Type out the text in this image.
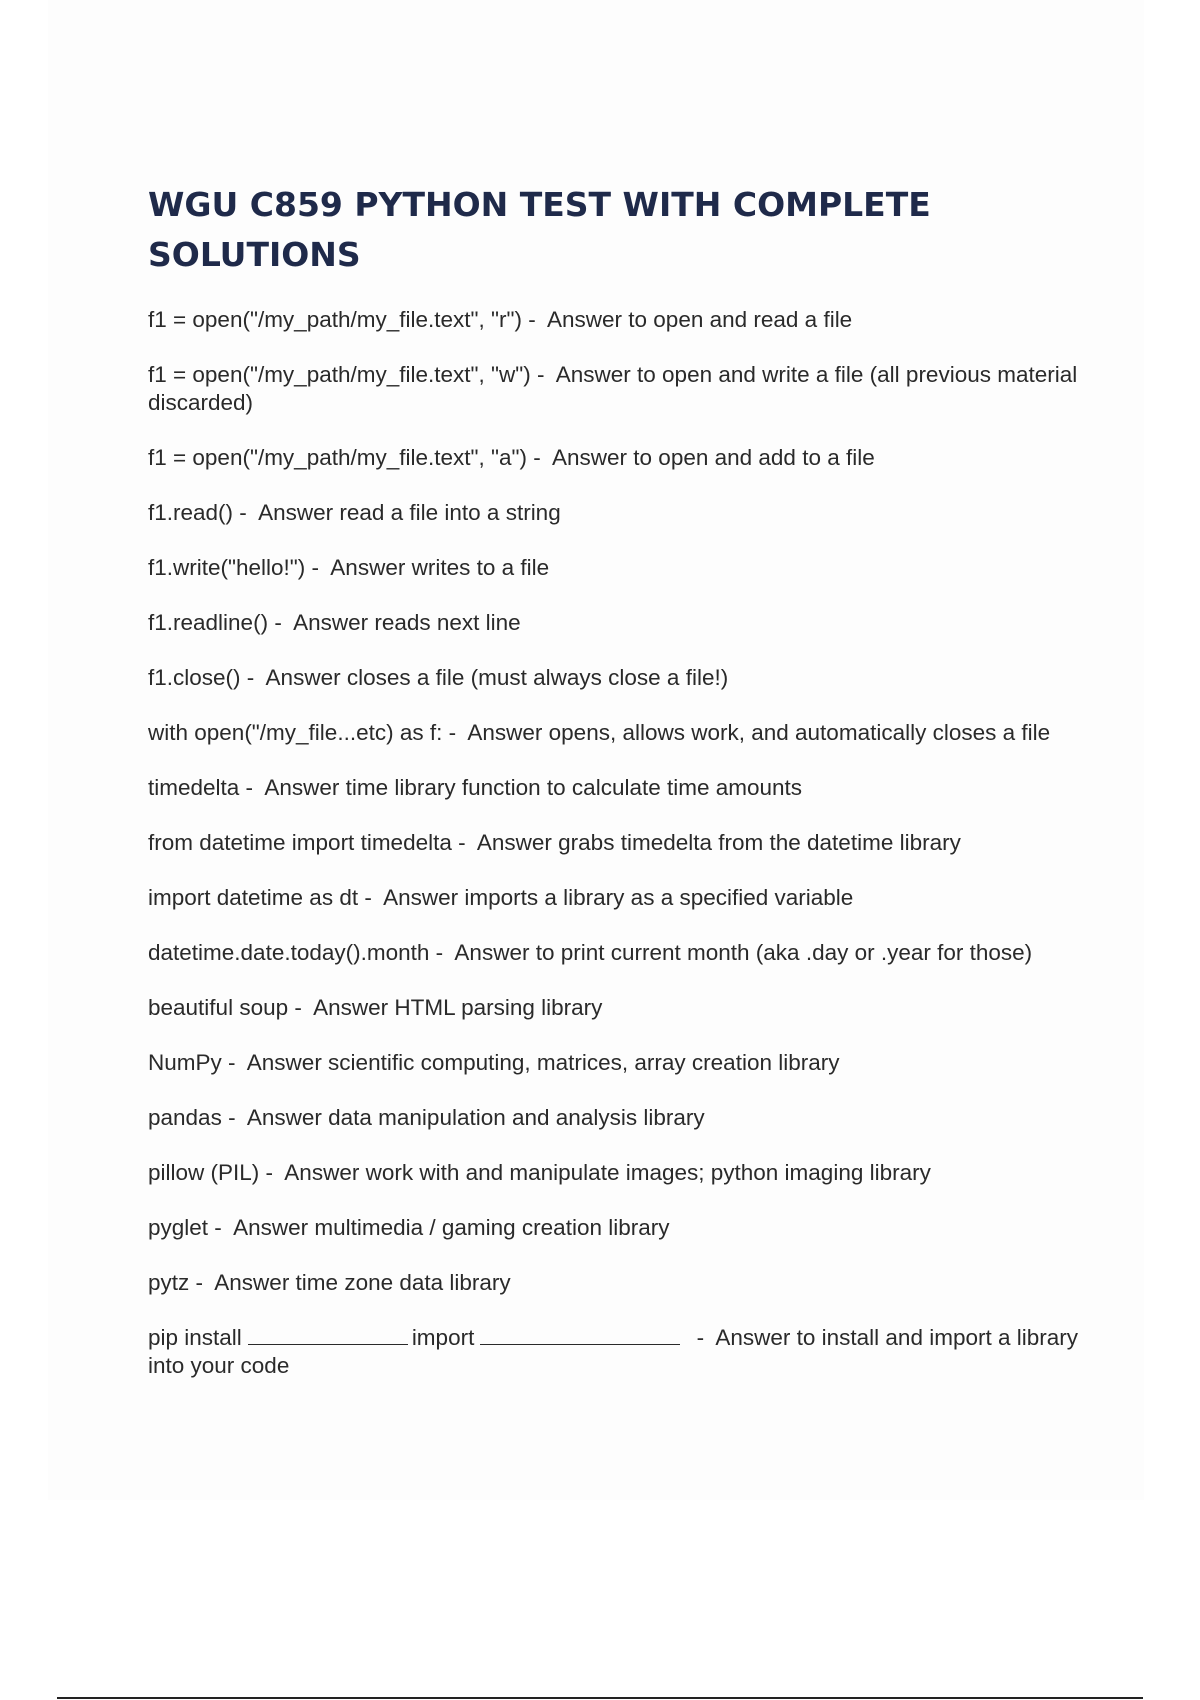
WGU C859 PYTHON TEST WITH COMPLETE SOLUTIONS
f1 = open("/my_path/my_file.text", "r") -  Answer to open and read a file
f1 = open("/my_path/my_file.text", "w") -  Answer to open and write a file (all previous material discarded)
f1 = open("/my_path/my_file.text", "a") -  Answer to open and add to a file
f1.read() -  Answer read a file into a string
f1.write("hello!") -  Answer writes to a file
f1.readline() -  Answer reads next line
f1.close() -  Answer closes a file (must always close a file!)
with open("/my_file...etc) as f: -  Answer opens, allows work, and automatically closes a file
timedelta -  Answer time library function to calculate time amounts
from datetime import timedelta -  Answer grabs timedelta from the datetime library
import datetime as dt -  Answer imports a library as a specified variable
datetime.date.today().month -  Answer to print current month (aka .day or .year for those)
beautiful soup -  Answer HTML parsing library
NumPy -  Answer scientific computing, matrices, array creation library
pandas -  Answer data manipulation and analysis library
pillow (PIL) -  Answer work with and manipulate images; python imaging library
pyglet -  Answer multimedia / gaming creation library
pytz -  Answer time zone data library
pip install	import	-  Answer to install and import a library into your code
